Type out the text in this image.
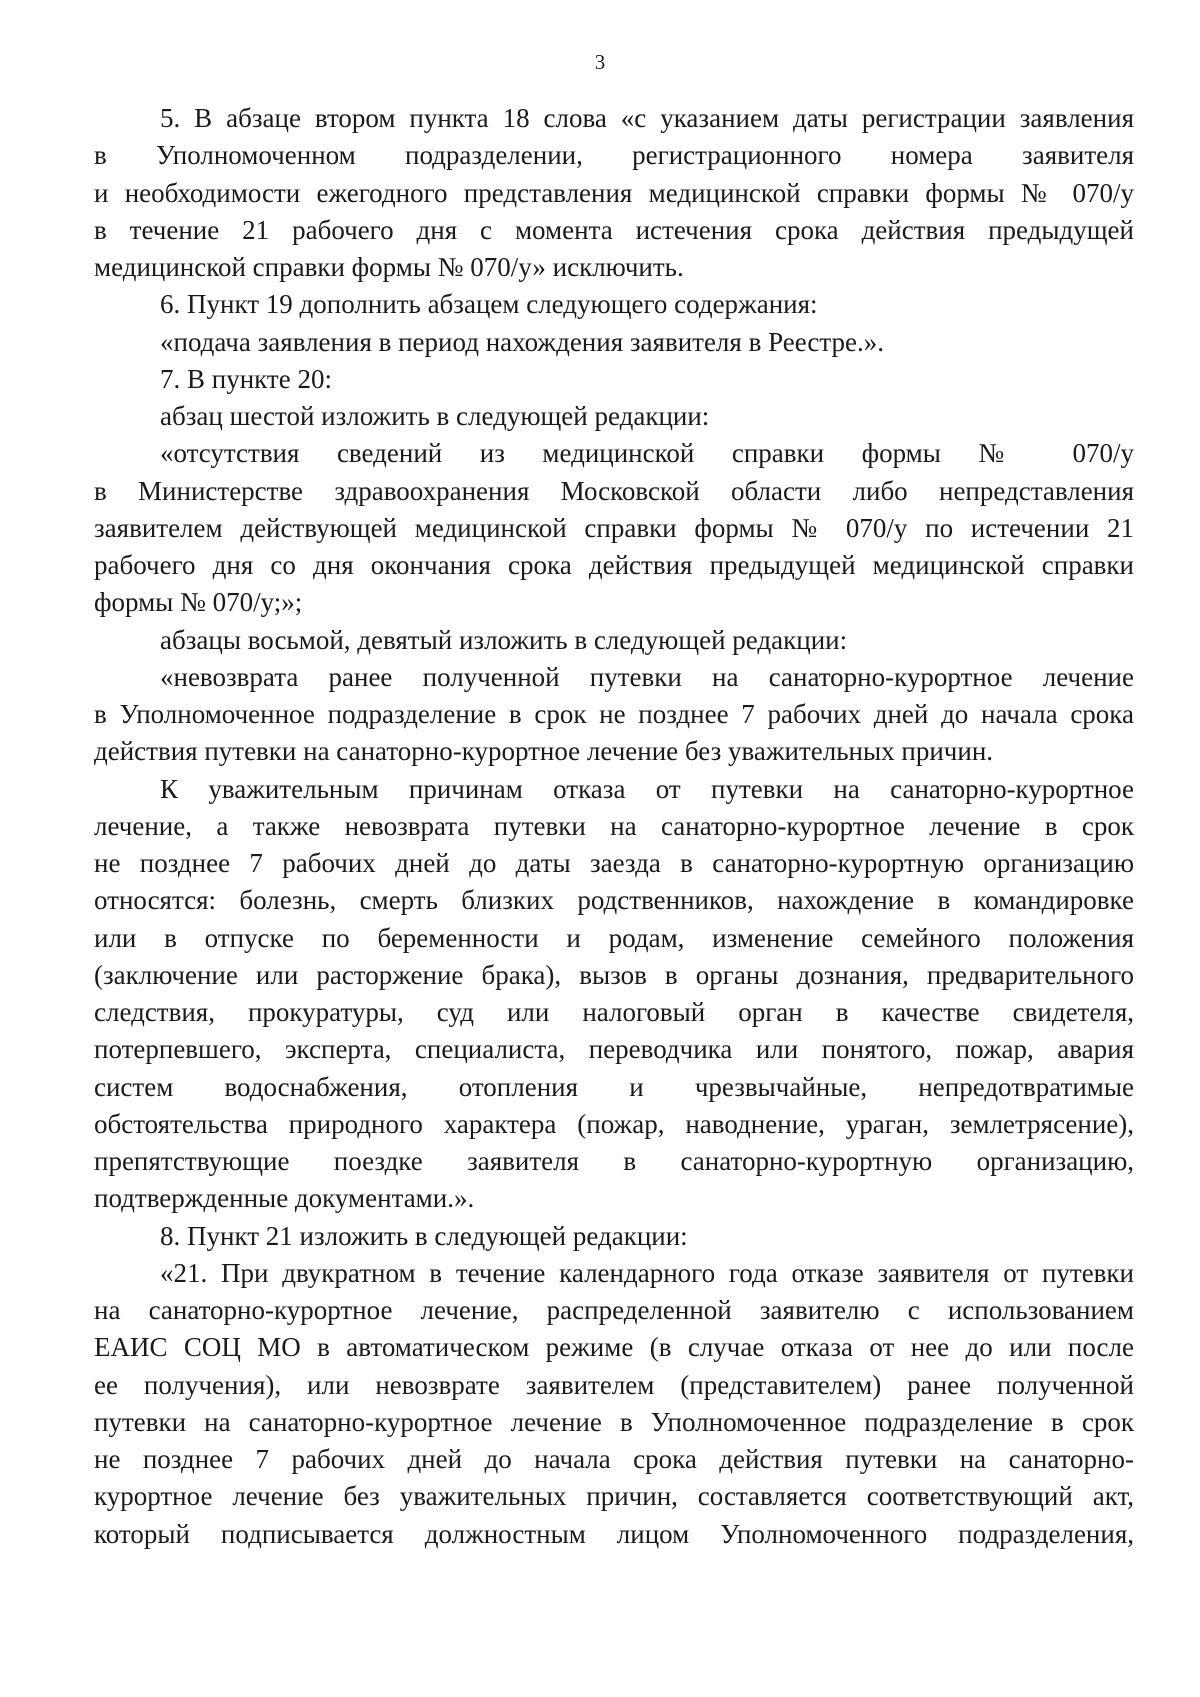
3
5. В абзаце втором пункта 18 слова «с указанием даты регистрации заявления
в Уполномоченном подразделении, регистрационного номера заявителя
и необходимости ежегодного представления медицинской справки формы № 070/у
в течение 21 рабочего дня с момента истечения срока действия предыдущей
медицинской справки формы № 070/у» исключить.
6. Пункт 19 дополнить абзацем следующего содержания:
«подача заявления в период нахождения заявителя в Реестре.».
7. В пункте 20:
абзац шестой изложить в следующей редакции:
«отсутствия сведений из медицинской справки формы № 070/у
в Министерстве здравоохранения Московской области либо непредставления
заявителем действующей медицинской справки формы № 070/у по истечении 21
рабочего дня со дня окончания срока действия предыдущей медицинской справки
формы № 070/у;»;
абзацы восьмой, девятый изложить в следующей редакции:
«невозврата ранее полученной путевки на санаторно-курортное лечение
в Уполномоченное подразделение в срок не позднее 7 рабочих дней до начала срока
действия путевки на санаторно-курортное лечение без уважительных причин.
К уважительным причинам отказа от путевки на санаторно-курортное
лечение, а также невозврата путевки на санаторно-курортное лечение в срок
не позднее 7 рабочих дней до даты заезда в санаторно-курортную организацию
относятся: болезнь, смерть близких родственников, нахождение в командировке
или в отпуске по беременности и родам, изменение семейного положения
(заключение или расторжение брака), вызов в органы дознания, предварительного
следствия, прокуратуры, суд или налоговый орган в качестве свидетеля,
потерпевшего, эксперта, специалиста, переводчика или понятого, пожар, авария
систем водоснабжения, отопления и чрезвычайные, непредотвратимые
обстоятельства природного характера (пожар, наводнение, ураган, землетрясение),
препятствующие поездке заявителя в санаторно-курортную организацию,
подтвержденные документами.».
8. Пункт 21 изложить в следующей редакции:
«21. При двукратном в течение календарного года отказе заявителя от путевки
на санаторно-курортное лечение, распределенной заявителю с использованием
ЕАИС СОЦ МО в автоматическом режиме (в случае отказа от нее до или после
ее получения), или невозврате заявителем (представителем) ранее полученной
путевки на санаторно-курортное лечение в Уполномоченное подразделение в срок
не позднее 7 рабочих дней до начала срока действия путевки на санаторно-
курортное лечение без уважительных причин, составляется соответствующий акт,
который подписывается должностным лицом Уполномоченного подразделения,
